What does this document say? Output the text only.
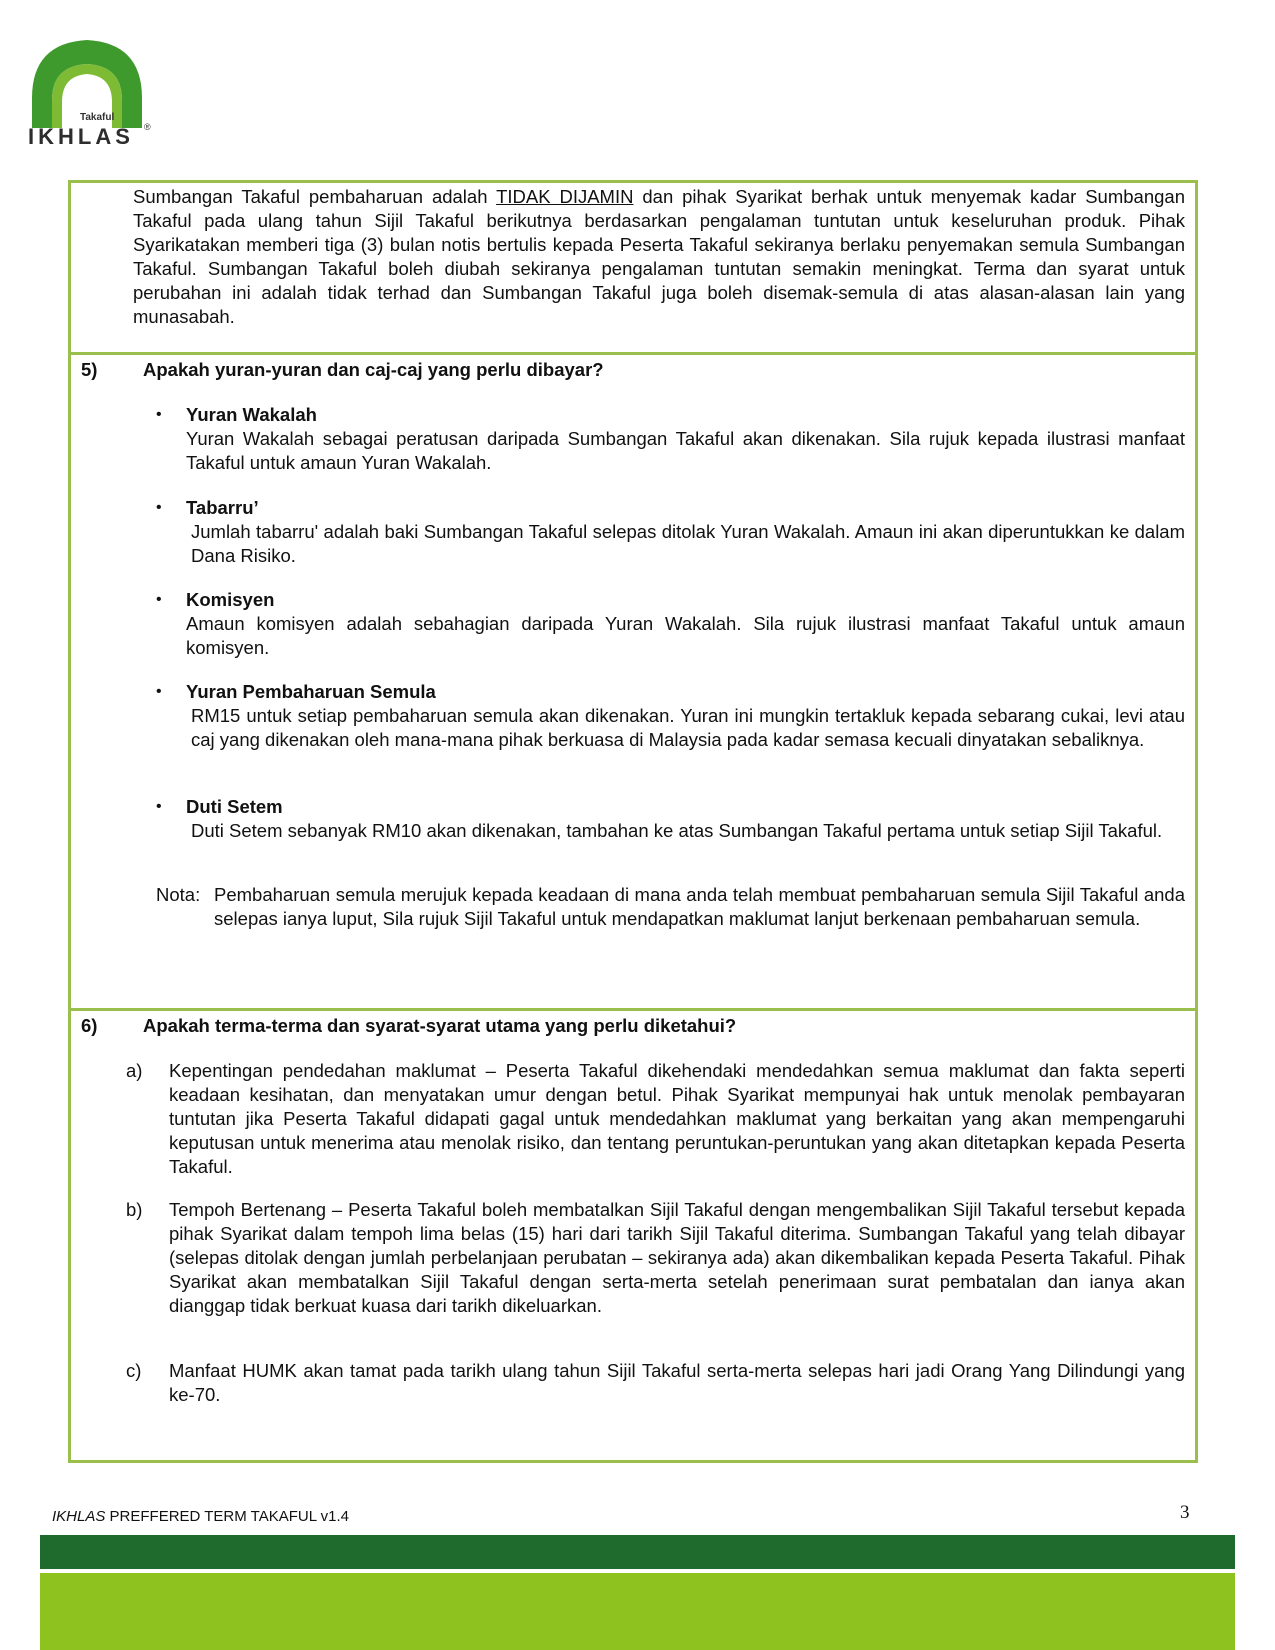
Takaful
IKHLAS ®

Sumbangan Takaful pembaharuan adalah TIDAK DIJAMIN dan pihak Syarikat berhak untuk menyemak kadar Sumbangan Takaful pada ulang tahun Sijil Takaful berikutnya berdasarkan pengalaman tuntutan untuk keseluruhan produk. Pihak Syarikatakan memberi tiga (3) bulan notis bertulis kepada Peserta Takaful sekiranya berlaku penyemakan semula Sumbangan Takaful. Sumbangan Takaful boleh diubah sekiranya pengalaman tuntutan semakin meningkat. Terma dan syarat untuk perubahan ini adalah tidak terhad dan Sumbangan Takaful juga boleh disemak-semula di atas alasan-alasan lain yang munasabah.

5) Apakah yuran-yuran dan caj-caj yang perlu dibayar?
• Yuran Wakalah

Yuran Wakalah sebagai peratusan daripada Sumbangan Takaful akan dikenakan. Sila rujuk kepada ilustrasi manfaat Takaful untuk amaun Yuran Wakalah.

• Tabarru’

Jumlah tabarru' adalah baki Sumbangan Takaful selepas ditolak Yuran Wakalah. Amaun ini akan diperuntukkan ke dalam Dana Risiko.

• Komisyen

Amaun komisyen adalah sebahagian daripada Yuran Wakalah. Sila rujuk ilustrasi manfaat Takaful untuk amaun komisyen.

• Yuran Pembaharuan Semula

RM15 untuk setiap pembaharuan semula akan dikenakan. Yuran ini mungkin tertakluk kepada sebarang cukai, levi atau caj yang dikenakan oleh mana-mana pihak berkuasa di Malaysia pada kadar semasa kecuali dinyatakan sebaliknya.

• Duti Setem

Duti Setem sebanyak RM10 akan dikenakan, tambahan ke atas Sumbangan Takaful pertama untuk setiap Sijil Takaful.

Nota: Pembaharuan semula merujuk kepada keadaan di mana anda telah membuat pembaharuan semula Sijil Takaful anda selepas ianya luput, Sila rujuk Sijil Takaful untuk mendapatkan maklumat lanjut berkenaan pembaharuan semula.

6) Apakah terma-terma dan syarat-syarat utama yang perlu diketahui?
a) Kepentingan pendedahan maklumat – Peserta Takaful dikehendaki mendedahkan semua maklumat dan fakta seperti keadaan kesihatan, dan menyatakan umur dengan betul. Pihak Syarikat mempunyai hak untuk menolak pembayaran tuntutan jika Peserta Takaful didapati gagal untuk mendedahkan maklumat yang berkaitan yang akan mempengaruhi keputusan untuk menerima atau menolak risiko, dan tentang peruntukan-peruntukan yang akan ditetapkan kepada Peserta Takaful.

b) Tempoh Bertenang – Peserta Takaful boleh membatalkan Sijil Takaful dengan mengembalikan Sijil Takaful tersebut kepada pihak Syarikat dalam tempoh lima belas (15) hari dari tarikh Sijil Takaful diterima. Sumbangan Takaful yang telah dibayar (selepas ditolak dengan jumlah perbelanjaan perubatan – sekiranya ada) akan dikembalikan kepada Peserta Takaful. Pihak Syarikat akan membatalkan Sijil Takaful dengan serta-merta setelah penerimaan surat pembatalan dan ianya akan dianggap tidak berkuat kuasa dari tarikh dikeluarkan.

c) Manfaat HUMK akan tamat pada tarikh ulang tahun Sijil Takaful serta-merta selepas hari jadi Orang Yang Dilindungi yang ke-70.

IKHLAS PREFFERED TERM TAKAFUL v1.4	3
